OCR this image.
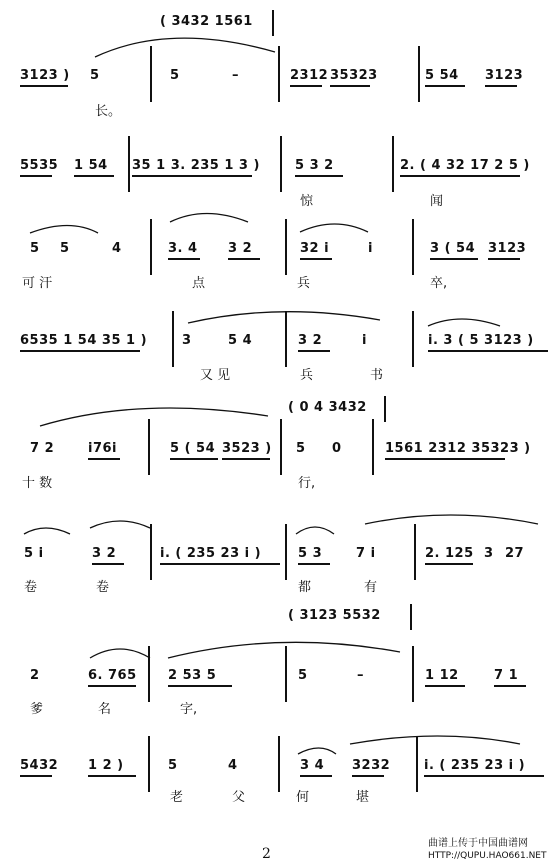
( 3432 1561
3123 ) 5	5	–	2312 35323	5 54 3123
长。
5535 1 54 35 1 3. 235 1 3 )	5 3 2	2. ( 4 32 17 2 5 )
惊	闻
5 5	4	3. 4 3 2	32 i	i	3 ( 54 3123
可 汗	点	兵	卒,
6535 1 54 35 1 )	3	5 4	3 2	i	i. 3 ( 5 3123 )
又 见	兵	书
( 0 4 3432
7 2	i76i	5 ( 54 3523 ) 5 0	1561 2312 35323 )
十 数	行,
5 i	3 2	i. ( 235 23 i )	5 3	7 i	2. 125 3 27
卷	卷	都	有
( 3123 5532
2	6. 765 2 53 5	5	–	1 12	7 1
爹	名	字,
5432 1 2 )	5	4	3 4 3232	i. ( 235 23 i )
老	父	何	堪
2
曲谱上传于中国曲谱网
HTTP://QUPU.HAO661.NET
